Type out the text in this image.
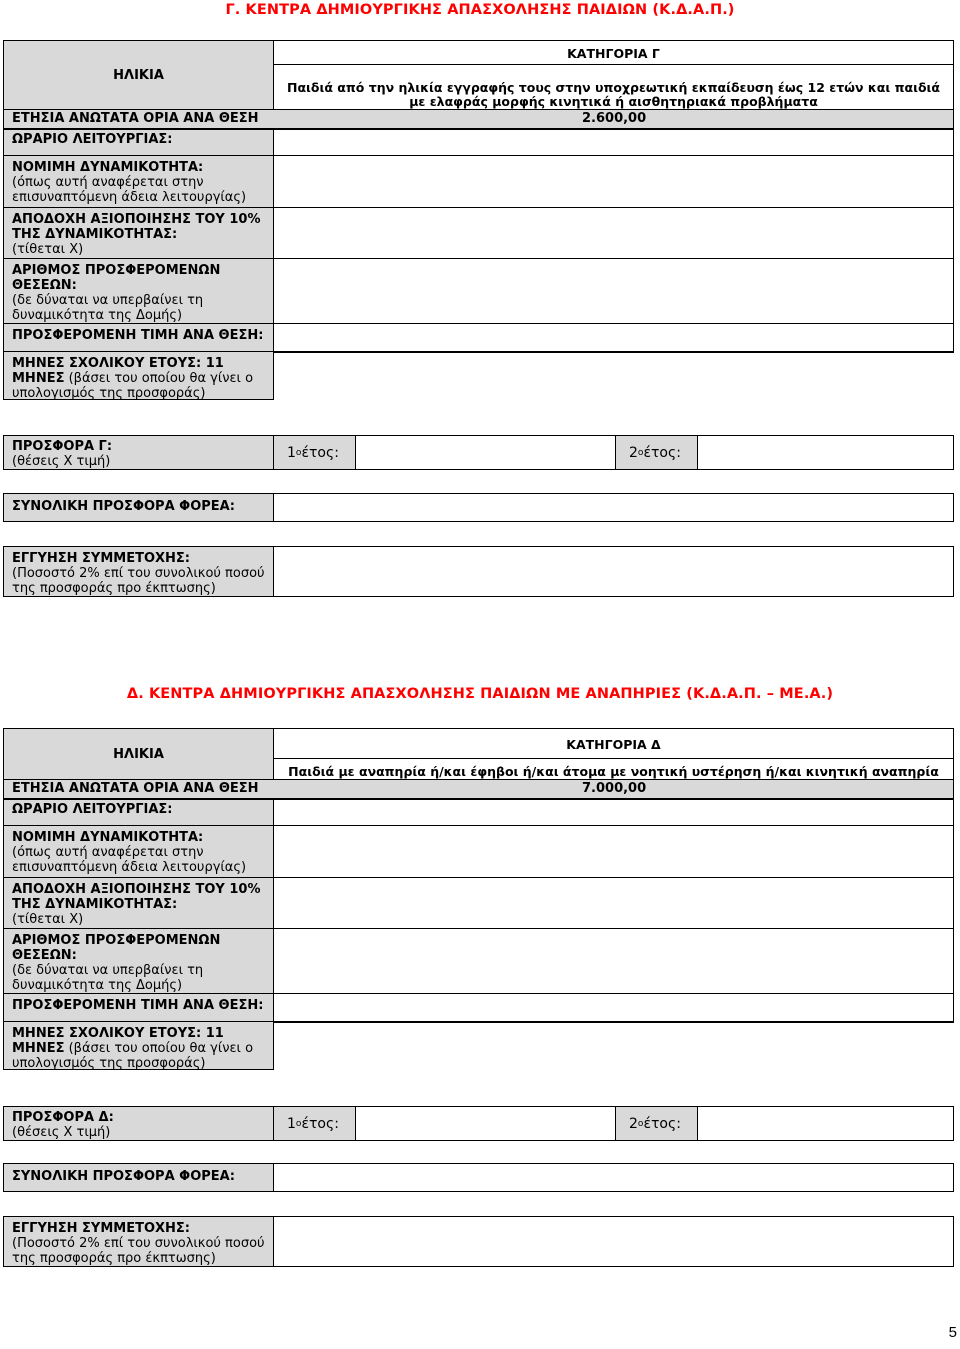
Γ. ΚΕΝΤΡΑ ΔΗΜΙΟΥΡΓΙΚΗΣ ΑΠΑΣΧΟΛΗΣΗΣ ΠΑΙΔΙΩΝ (Κ.Δ.Α.Π.)
ΗΛΙΚΙΑ
ΚΑΤΗΓΟΡΙΑ Γ
Παιδιά από την ηλικία εγγραφής τους στην υποχρεωτική εκπαίδευση έως 12 ετών και παιδιά
με ελαφράς μορφής κινητικά ή αισθητηριακά προβλήματα
ΕΤΗΣΙΑ ΑΝΩΤΑΤΑ ΟΡΙΑ ΑΝΑ ΘΕΣΗ	2.600,00
ΩΡΑΡΙΟ ΛΕΙΤΟΥΡΓΙΑΣ:
ΝΟΜΙΜΗ ΔΥΝΑΜΙΚΟΤΗΤΑ:
(όπως αυτή αναφέρεται στην
επισυναπτόμενη άδεια λειτουργίας)
ΑΠΟΔΟΧΗ ΑΞΙΟΠΟΙΗΣΗΣ ΤΟΥ 10%
ΤΗΣ ΔΥΝΑΜΙΚΟΤΗΤΑΣ:
(τίθεται Χ)
ΑΡΙΘΜΟΣ ΠΡΟΣΦΕΡΟΜΕΝΩΝ
ΘΕΣΕΩΝ:
(δε δύναται να υπερβαίνει τη
δυναμικότητα της Δομής)
ΠΡΟΣΦΕΡΟΜΕΝΗ ΤΙΜΗ ΑΝΑ ΘΕΣΗ:
ΜΗΝΕΣ ΣΧΟΛΙΚΟΥ ΕΤΟΥΣ: 11
ΜΗΝΕΣ (βάσει του οποίου θα γίνει ο
υπολογισμός της προσφοράς)
ΠΡΟΣΦΟΡΑ Γ:
(θέσεις Χ τιμή)
1 ο έτος:	2 ο έτος:
ΣΥΝΟΛΙΚΗ ΠΡΟΣΦΟΡΑ ΦΟΡΕΑ:
ΕΓΓΥΗΣΗ ΣΥΜΜΕΤΟΧΗΣ:
(Ποσοστό 2% επί του συνολικού ποσού
της προσφοράς προ έκπτωσης)
Δ. ΚΕΝΤΡΑ ΔΗΜΙΟΥΡΓΙΚΗΣ ΑΠΑΣΧΟΛΗΣΗΣ ΠΑΙΔΙΩΝ ΜΕ ΑΝΑΠΗΡΙΕΣ (Κ.Δ.Α.Π. – ΜΕ.Α.)
ΗΛΙΚΙΑ
ΚΑΤΗΓΟΡΙΑ Δ
Παιδιά με αναπηρία ή/και έφηβοι ή/και άτομα με νοητική υστέρηση ή/και κινητική αναπηρία
ΕΤΗΣΙΑ ΑΝΩΤΑΤΑ ΟΡΙΑ ΑΝΑ ΘΕΣΗ	7.000,00
ΩΡΑΡΙΟ ΛΕΙΤΟΥΡΓΙΑΣ:
ΝΟΜΙΜΗ ΔΥΝΑΜΙΚΟΤΗΤΑ:
(όπως αυτή αναφέρεται στην
επισυναπτόμενη άδεια λειτουργίας)
ΑΠΟΔΟΧΗ ΑΞΙΟΠΟΙΗΣΗΣ ΤΟΥ 10%
ΤΗΣ ΔΥΝΑΜΙΚΟΤΗΤΑΣ:
(τίθεται Χ)
ΑΡΙΘΜΟΣ ΠΡΟΣΦΕΡΟΜΕΝΩΝ
ΘΕΣΕΩΝ:
(δε δύναται να υπερβαίνει τη
δυναμικότητα της Δομής)
ΠΡΟΣΦΕΡΟΜΕΝΗ ΤΙΜΗ ΑΝΑ ΘΕΣΗ:
ΜΗΝΕΣ ΣΧΟΛΙΚΟΥ ΕΤΟΥΣ: 11
ΜΗΝΕΣ (βάσει του οποίου θα γίνει ο
υπολογισμός της προσφοράς)
ΠΡΟΣΦΟΡΑ Δ:
(θέσεις Χ τιμή)
1 ο έτος:	2 ο έτος:
ΣΥΝΟΛΙΚΗ ΠΡΟΣΦΟΡΑ ΦΟΡΕΑ:
ΕΓΓΥΗΣΗ ΣΥΜΜΕΤΟΧΗΣ:
(Ποσοστό 2% επί του συνολικού ποσού
της προσφοράς προ έκπτωσης)
5
